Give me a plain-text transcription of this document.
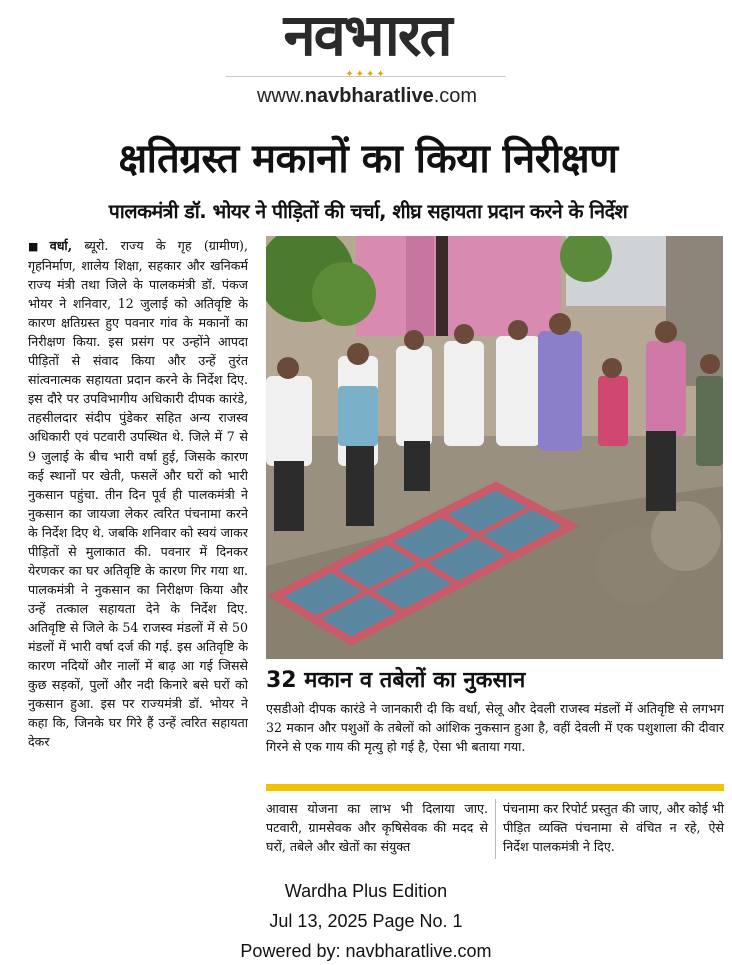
नवभारत
✦✦✦✦
www.navbharatlive.com
क्षतिग्रस्त मकानों का किया निरीक्षण
पालकमंत्री डॉ. भोयर ने पीड़ितों की चर्चा, शीघ्र सहायता प्रदान करने के निर्देश
■ वर्धा, ब्यूरो. राज्य के गृह (ग्रामीण), गृहनिर्माण, शालेय शिक्षा, सहकार और खनिकर्म राज्य मंत्री तथा जिले के पालकमंत्री डॉ. पंकज भोयर ने शनिवार, 12 जुलाई को अतिवृष्टि के कारण क्षतिग्रस्त हुए पवनार गांव के मकानों का निरीक्षण किया. इस प्रसंग पर उन्होंने आपदा पीड़ितों से संवाद किया और उन्हें तुरंत सांत्वनात्मक सहायता प्रदान करने के निर्देश दिए. इस दौरे पर उपविभागीय अधिकारी दीपक कारंडे, तहसीलदार संदीप पुंडेकर सहित अन्य राजस्व अधिकारी एवं पटवारी उपस्थित थे. जिले में 7 से 9 जुलाई के बीच भारी वर्षा हुई, जिसके कारण कई स्थानों पर खेती, फसलें और घरों को भारी नुकसान पहुंचा. तीन दिन पूर्व ही पालकमंत्री ने नुकसान का जायजा लेकर त्वरित पंचनामा करने के निर्देश दिए थे. जबकि शनिवार को स्वयं जाकर पीड़ितों से मुलाकात की. पवनार में दिनकर येरणकर का घर अतिवृष्टि के कारण गिर गया था. पालकमंत्री ने नुकसान का निरीक्षण किया और उन्हें तत्काल सहायता देने के निर्देश दिए. अतिवृष्टि से जिले के 54 राजस्व मंडलों में से 50 मंडलों में भारी वर्षा दर्ज की गई. इस अतिवृष्टि के कारण नदियों और नालों में बाढ़ आ गई जिससे कुछ सड़कों, पुलों और नदी किनारे बसे घरों को नुकसान हुआ. इस पर राज्यमंत्री डॉ. भोयर ने कहा कि, जिनके घर गिरे हैं उन्हें त्वरित सहायता देकर
32 मकान व तबेलों का नुकसान
एसडीओ दीपक कारंडे ने जानकारी दी कि वर्धा, सेलू और देवली राजस्व मंडलों में अतिवृष्टि से लगभग 32 मकान और पशुओं के तबेलों को आंशिक नुकसान हुआ है, वहीं देवली में एक पशुशाला की दीवार गिरने से एक गाय की मृत्यु हो गई है, ऐसा भी बताया गया.
आवास योजना का लाभ भी दिलाया जाए. पटवारी, ग्रामसेवक और कृषिसेवक की मदद से घरों, तबेले और खेतों का संयुक्त
पंचनामा कर रिपोर्ट प्रस्तुत की जाए, और कोई भी पीड़ित व्यक्ति पंचनामा से वंचित न रहे, ऐसे निर्देश पालकमंत्री ने दिए.
Wardha Plus Edition
Jul 13, 2025 Page No. 1
Powered by: navbharatlive.com
